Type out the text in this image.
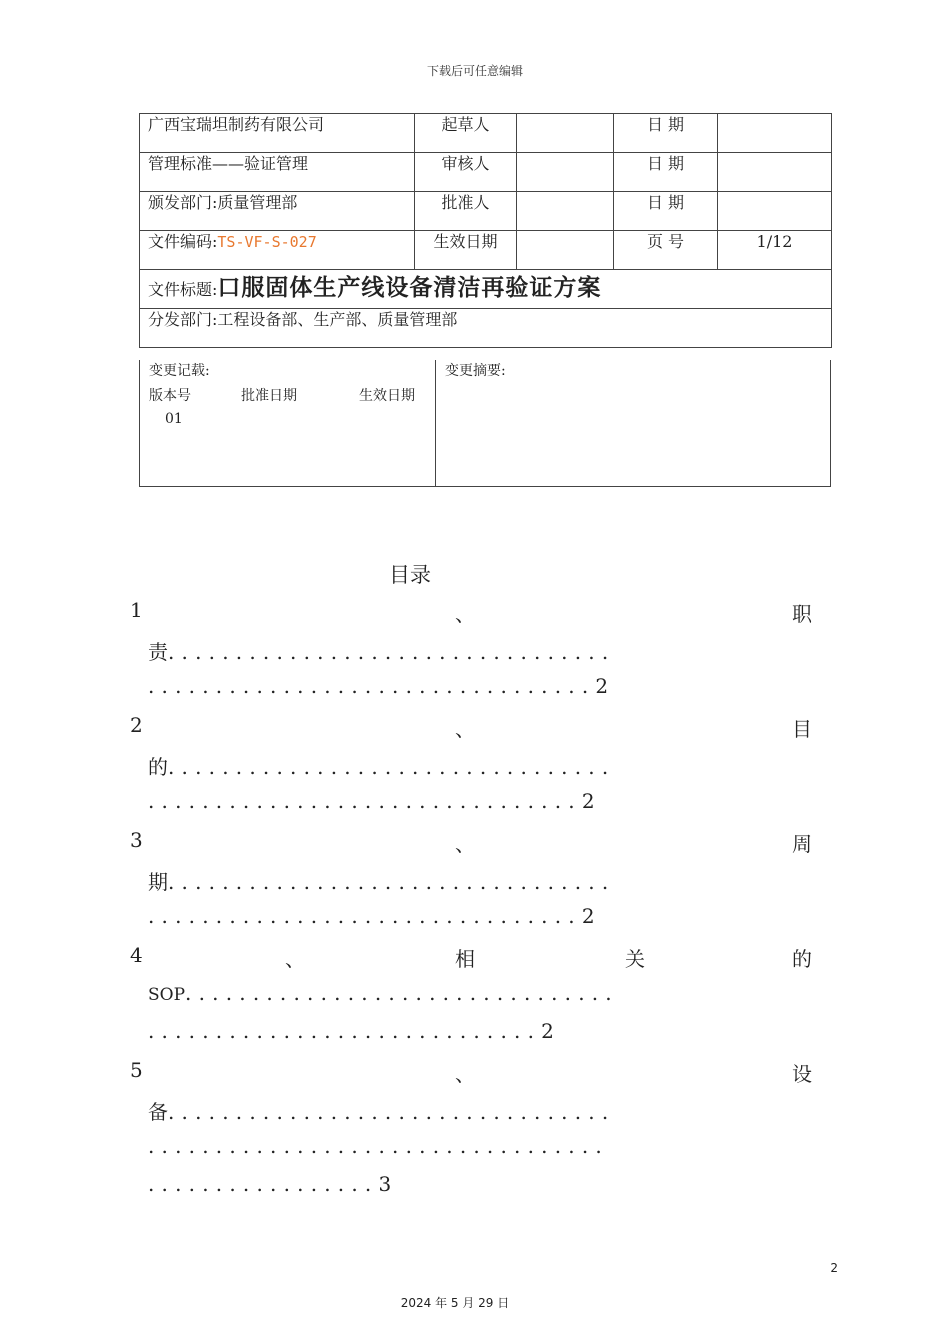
下载后可任意编辑
广西宝瑞坦制药有限公司	起草人		日 期	
管理标准——验证管理	审核人		日 期	
颁发部门:质量管理部	批准人		日 期	
文件编码:TS-VF-S-027	生效日期		页 号	1/12
文件标题:口服固体生产线设备清洁再验证方案				
分发部门:工程设备部、生产部、质量管理部				
变更记载:
版本号	批准日期	生效日期
01
变更摘要:
目录
1	、	职
责.................................
.................................2
2	、	目
的.................................
................................2
3	、	周
期.................................
................................2
4	、	相	关	的
SOP................................
.............................2
5	、	设
备.................................
..................................
.................3
2
2024 年 5 月 29 日
